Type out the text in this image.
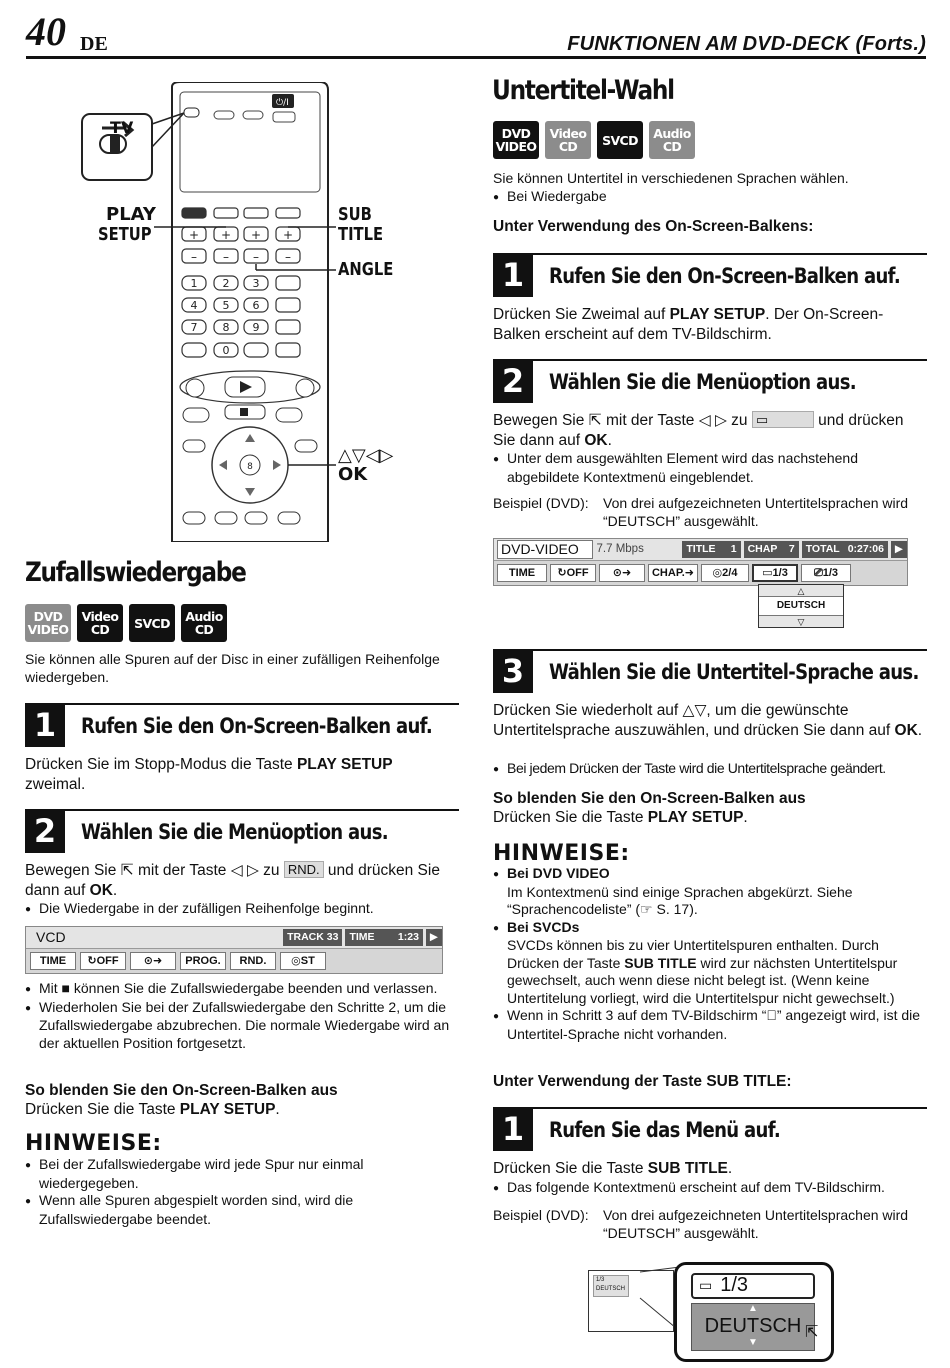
40 DE	FUNKTIONEN AM DVD-DECK (Forts.)
⏻/I
+ + + +
– – – –
1 2 3
4 5 6
7 8 9
0
8
TV
PLAY
SETUP
SUB
TITLE
ANGLE
△▽◁▷
OK
Zufallswiedergabe
DVD
VIDEO
Video
CD	SVCD Audio
CD
Sie können alle Spuren auf der Disc in einer zufälligen Reihenfolge wiedergeben.
1	Rufen Sie den On-Screen-Balken auf.
Drücken Sie im Stopp-Modus die Taste PLAY SETUP zweimal.
2	Wählen Sie die Menüoption aus.
Bewegen Sie ⇱ mit der Taste ◁ ▷ zu RND. und drücken Sie dann auf OK.
● Die Wiedergabe in der zufälligen Reihenfolge beginnt.
VCD	TRACK 33	TIME	1:23	▶
TIME	↻ OFF	⊙➜	PROG.	RND.	◎ ST
● Mit ■ können Sie die Zufallswiedergabe beenden und verlassen.
● Wiederholen Sie bei der Zufallswiedergabe den Schritte 2, um die Zufallswiedergabe abzubrechen. Die normale Wiedergabe wird an der aktuellen Position fortgesetzt.
So blenden Sie den On-Screen-Balken aus
Drücken Sie die Taste PLAY SETUP.
HINWEISE:
● Bei der Zufallswiedergabe wird jede Spur nur einmal wiedergegeben.
● Wenn alle Spuren abgespielt worden sind, wird die Zufallswiedergabe beendet.
Untertitel-Wahl
DVD
VIDEO
Video
CD	SVCD Audio
CD
Sie können Untertitel in verschiedenen Sprachen wählen.
● Bei Wiedergabe
Unter Verwendung des On-Screen-Balkens:
1	Rufen Sie den On-Screen-Balken auf.
Drücken Sie Zweimal auf PLAY SETUP. Der On-Screen-Balken erscheint auf dem TV-Bildschirm.
2	Wählen Sie die Menüoption aus.
Bewegen Sie ⇱ mit der Taste ◁ ▷ zu ▭	und drücken Sie dann auf OK.
● Unter dem ausgewählten Element wird das nachstehend abgebildete Kontextmenü eingeblendet.
Beispiel (DVD):	Von drei aufgezeichneten Untertitelsprachen wird “DEUTSCH” ausgewählt.
DVD-VIDEO	7.7 Mbps	TITLE	1	CHAP	7	TOTAL 0:27:06	▶
TIME	↻ OFF	⊙➜	CHAP. ➜	◎ 2/4	▭ 1/3	⎚ 1/3
△
DEUTSCH
▽
3	Wählen Sie die Untertitel-Sprache aus.
Drücken Sie wiederholt auf △▽, um die gewünschte Untertitelsprache auszuwählen, und drücken Sie dann auf OK.
● Bei jedem Drücken der Taste wird die Untertitelsprache geändert.
So blenden Sie den On-Screen-Balken aus
Drücken Sie die Taste PLAY SETUP.
HINWEISE:
● Bei DVD VIDEO
Im Kontextmenü sind einige Sprachen abgekürzt. Siehe “Sprachencodeliste” (☞ S. 17).
● Bei SVCDs
SVCDs können bis zu vier Untertitelspuren enthalten. Durch Drücken der Taste SUB TITLE wird zur nächsten Untertitelspur gewechselt, auch wenn diese nicht belegt ist. (Wenn keine Untertitelung vorliegt, wird die Untertitelspur nicht gewechselt.)
● Wenn in Schritt 3 auf dem TV-Bildschirm “⃠” angezeigt wird, ist die Untertitel-Sprache nicht vorhanden.
Unter Verwendung der Taste SUB TITLE:
1	Rufen Sie das Menü auf.
Drücken Sie die Taste SUB TITLE.
● Das folgende Kontextmenü erscheint auf dem TV-Bildschirm.
Beispiel (DVD):	Von drei aufgezeichneten Untertitelsprachen wird “DEUTSCH” ausgewählt.
1/3
DEUTSCH	▭ 1/3
▲
DEUTSCH
▼
⇱
